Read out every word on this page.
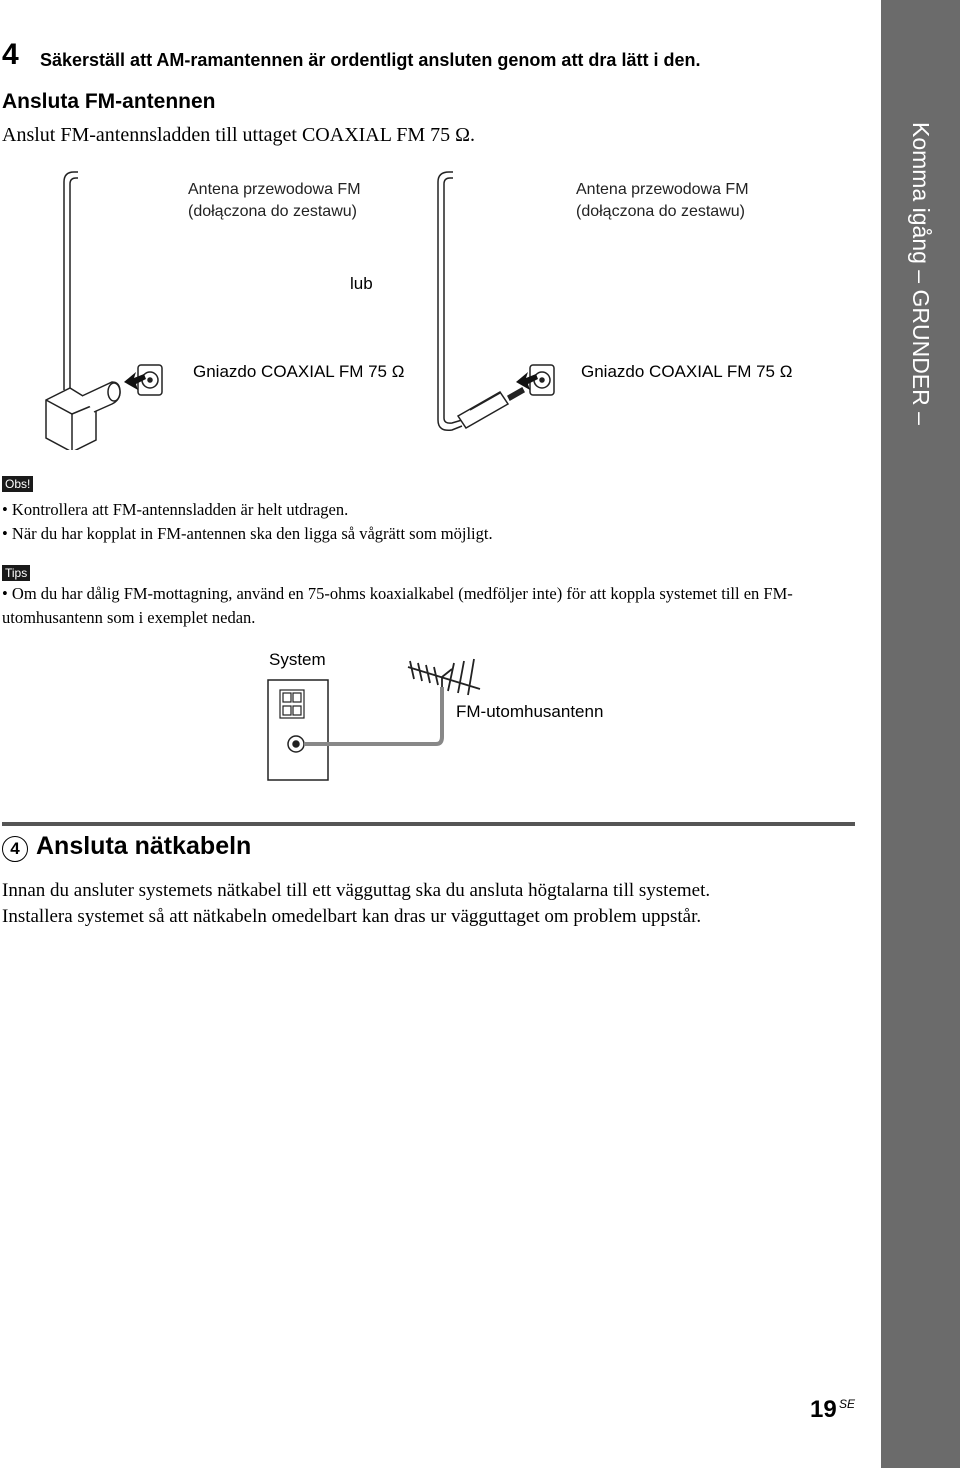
Komma igång – GRUNDER –
4 Säkerställ att AM-ramantennen är ordentligt ansluten genom att dra lätt i den.
Ansluta FM-antennen
Anslut FM-antennsladden till uttaget COAXIAL FM 75 Ω.
Antena przewodowa FM
(dołączona do zestawu)
Antena przewodowa FM
(dołączona do zestawu)
lub
Gniazdo COAXIAL FM 75 Ω	Gniazdo COAXIAL FM 75 Ω
Obs!
• Kontrollera att FM-antennsladden är helt utdragen.
• När du har kopplat in FM-antennen ska den ligga så vågrätt som möjligt.
Tips
• Om du har dålig FM-mottagning, använd en 75-ohms koaxialkabel (medföljer inte) för att koppla systemet till en FM-utomhusantenn som i exemplet nedan.
System
FM-utomhusantenn
4 Ansluta nätkabeln
Innan du ansluter systemets nätkabel till ett vägguttag ska du ansluta högtalarna till systemet.
Installera systemet så att nätkabeln omedelbart kan dras ur vägguttaget om problem uppstår.
19 SE
